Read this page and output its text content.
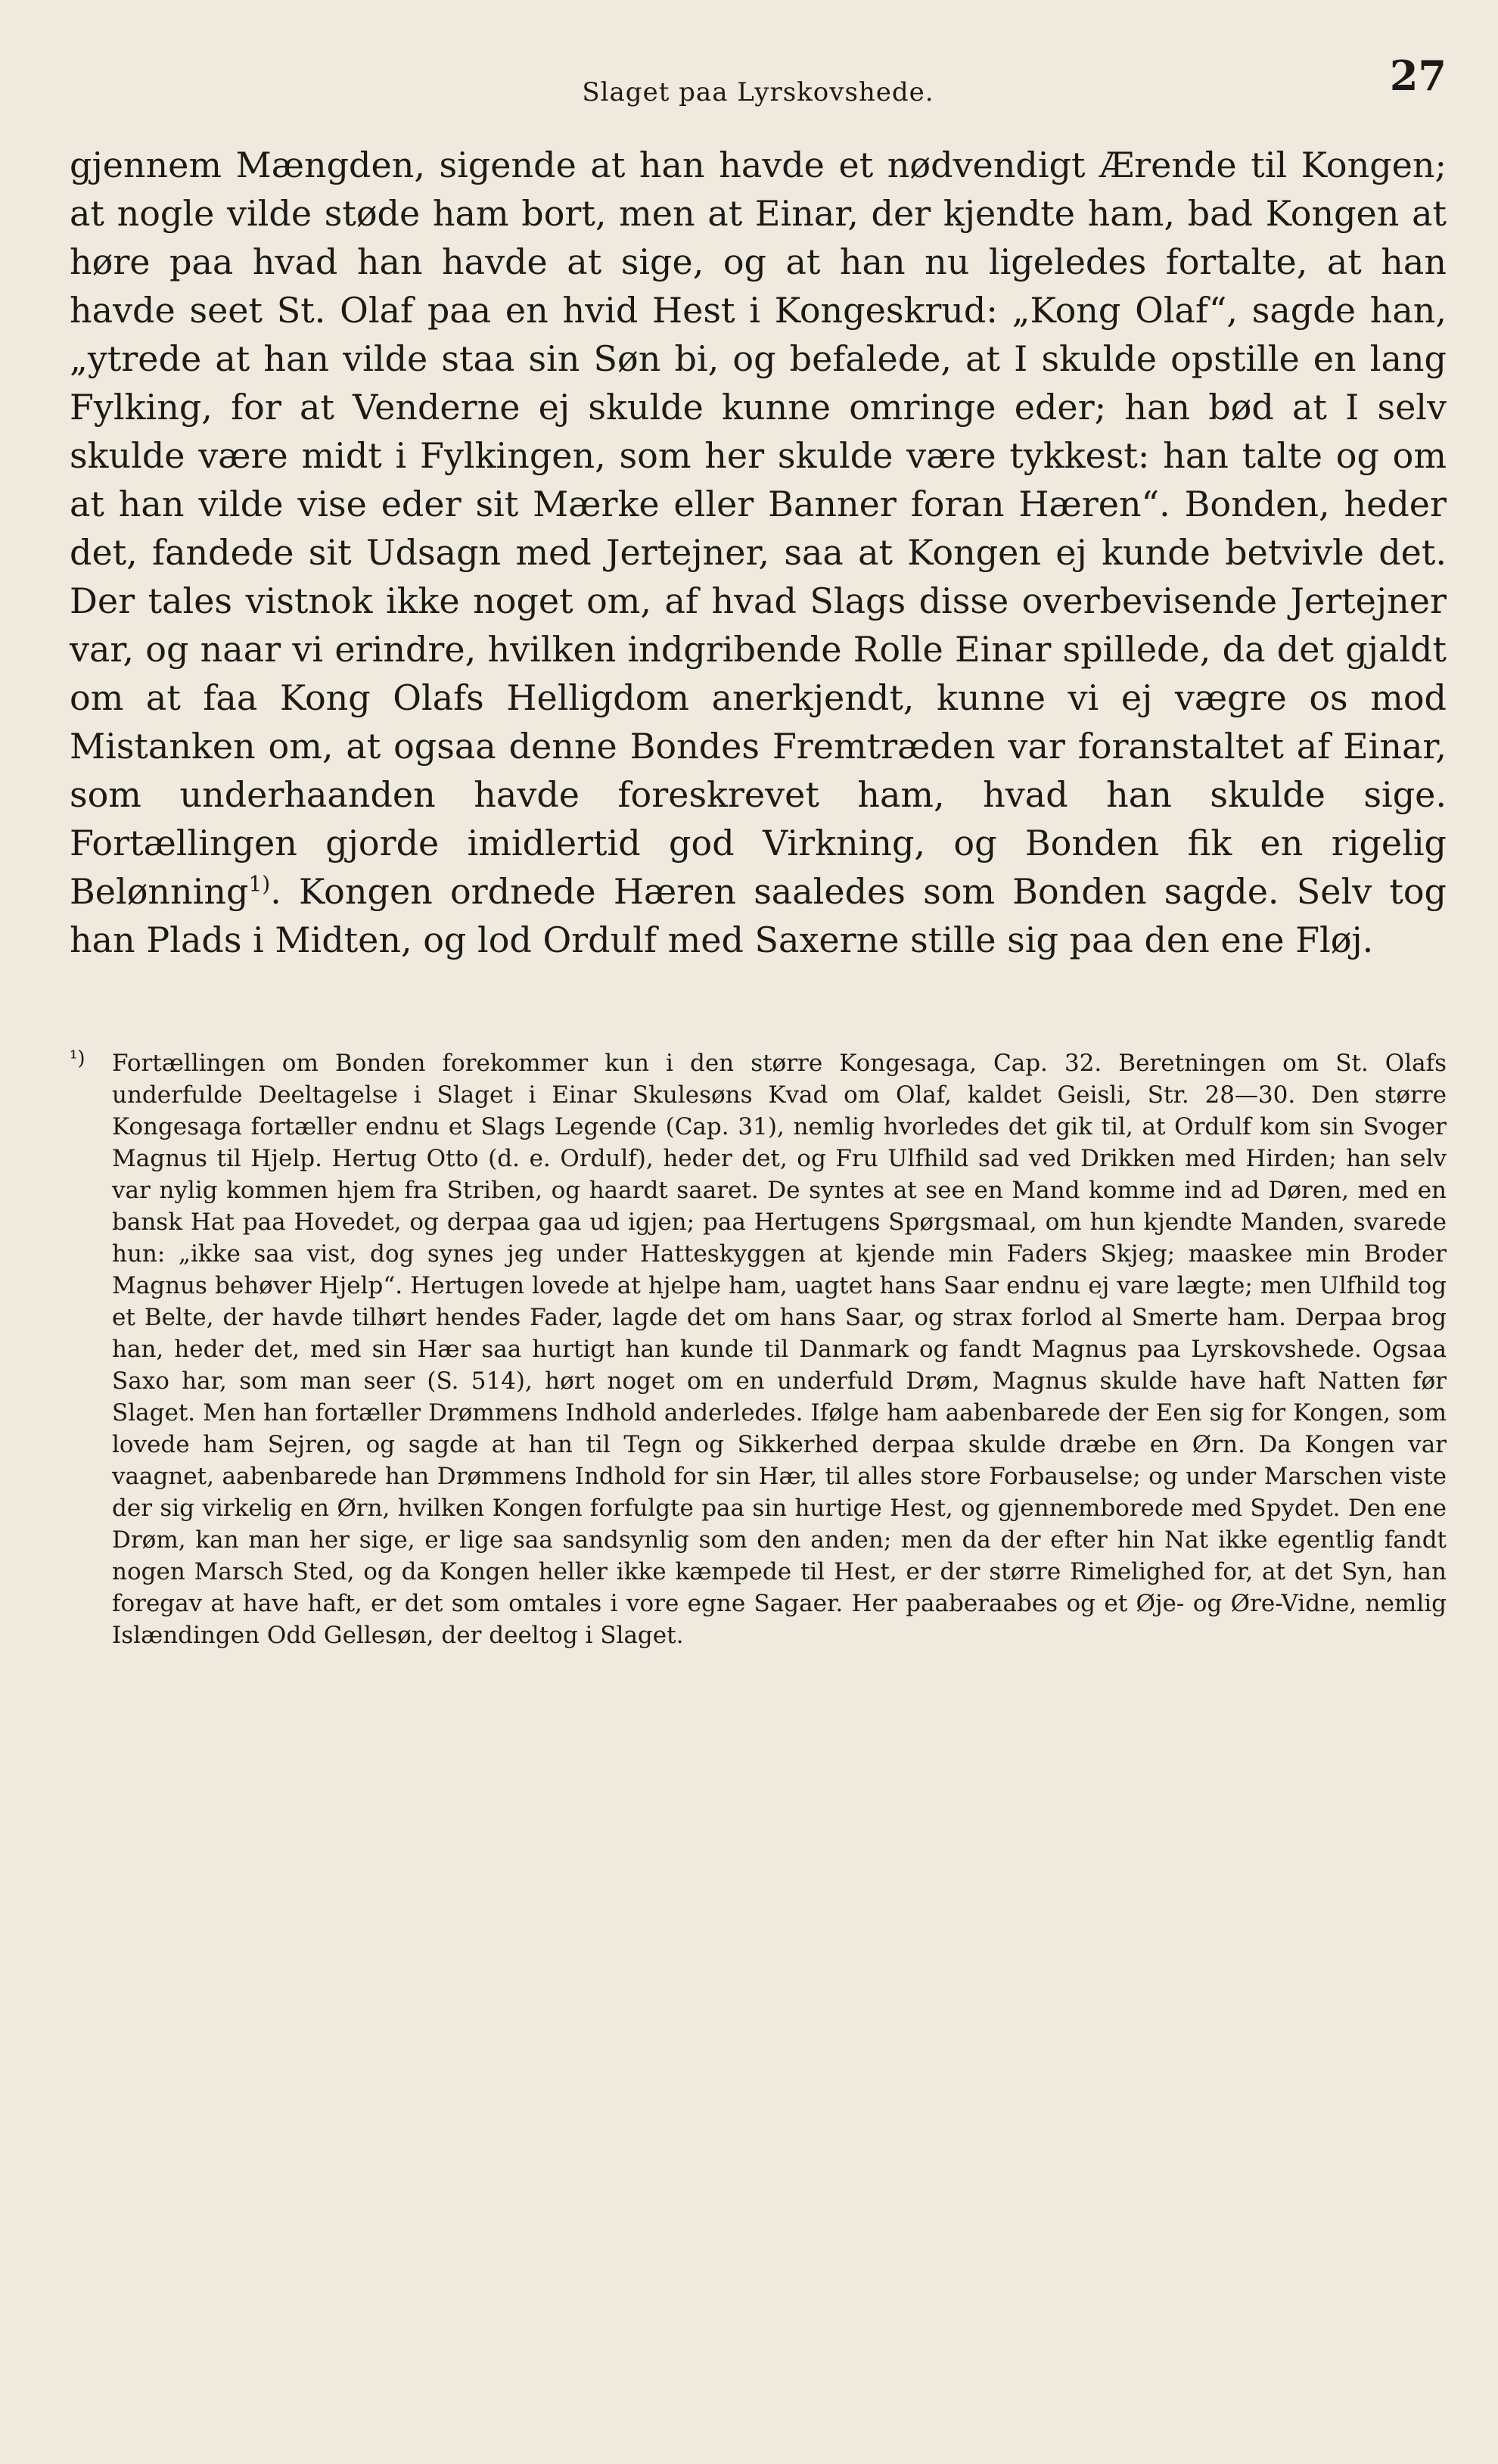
Slaget paa Lyrskovshede.	27

gjennem Mængden, sigende at han havde et nødvendigt Ærende til Kongen; at nogle vilde støde ham bort, men at Einar, der kjendte ham, bad Kongen at høre paa hvad han havde at sige, og at han nu ligeledes fortalte, at han havde seet St. Olaf paa en hvid Hest i Kongeskrud: „Kong Olaf“, sagde han, „ytrede at han vilde staa sin Søn bi, og befalede, at I skulde opstille en lang Fylking, for at Venderne ej skulde kunne omringe eder; han bød at I selv skulde være midt i Fylkingen, som her skulde være tykkest: han talte og om at han vilde vise eder sit Mærke eller Banner foran Hæren“. Bonden, heder det, fandede sit Udsagn med Jertejner, saa at Kongen ej kunde betvivle det. Der tales vistnok ikke noget om, af hvad Slags disse overbevisende Jertejner var, og naar vi erindre, hvilken indgribende Rolle Einar spillede, da det gjaldt om at faa Kong Olafs Helligdom anerkjendt, kunne vi ej vægre os mod Mistanken om, at ogsaa denne Bondes Fremtræden var foranstaltet af Einar, som underhaanden havde foreskrevet ham, hvad han skulde sige. Fortællingen gjorde imidlertid god Virkning, og Bonden fik en rigelig Belønning$^{1)}$. Kongen ordnede Hæren saaledes som Bonden sagde. Selv tog han Plads i Midten, og lod Ordulf med Saxerne stille sig paa den ene Fløj.

¹)	Fortællingen om Bonden forekommer kun i den større Kongesaga, Cap. 32. Beretningen om St. Olafs underfulde Deeltagelse i Slaget i Einar Skulesøns Kvad om Olaf, kaldet Geisli, Str. 28—30. Den større Kongesaga fortæller endnu et Slags Legende (Cap. 31), nemlig hvorledes det gik til, at Ordulf kom sin Svoger Magnus til Hjelp. Hertug Otto (d. e. Ordulf), heder det, og Fru Ulfhild sad ved Drikken med Hirden; han selv var nylig kommen hjem fra Striben, og haardt saaret. De syntes at see en Mand komme ind ad Døren, med en bansk Hat paa Hovedet, og derpaa gaa ud igjen; paa Hertugens Spørgsmaal, om hun kjendte Manden, svarede hun: „ikke saa vist, dog synes jeg under Hatteskyggen at kjende min Faders Skjeg; maaskee min Broder Magnus behøver Hjelp“. Hertugen lovede at hjelpe ham, uagtet hans Saar endnu ej vare lægte; men Ulfhild tog et Belte, der havde tilhørt hendes Fader, lagde det om hans Saar, og strax forlod al Smerte ham. Derpaa brog han, heder det, med sin Hær saa hurtigt han kunde til Danmark og fandt Magnus paa Lyrskovshede. Ogsaa Saxo har, som man seer (S. 514), hørt noget om en underfuld Drøm, Magnus skulde have haft Natten før Slaget. Men han fortæller Drømmens Indhold anderledes. Ifølge ham aabenbarede der Een sig for Kongen, som lovede ham Sejren, og sagde at han til Tegn og Sikkerhed derpaa skulde dræbe en Ørn. Da Kongen var vaagnet, aabenbarede han Drømmens Indhold for sin Hær, til alles store Forbauselse; og under Marschen viste der sig virkelig en Ørn, hvilken Kongen forfulgte paa sin hurtige Hest, og gjennemborede med Spydet. Den ene Drøm, kan man her sige, er lige saa sandsynlig som den anden; men da der efter hin Nat ikke egentlig fandt nogen Marsch Sted, og da Kongen heller ikke kæmpede til Hest, er der større Rimelighed for, at det Syn, han foregav at have haft, er det som omtales i vore egne Sagaer. Her paaberaabes og et Øje- og Øre-Vidne, nemlig Islændingen Odd Gellesøn, der deeltog i Slaget.
